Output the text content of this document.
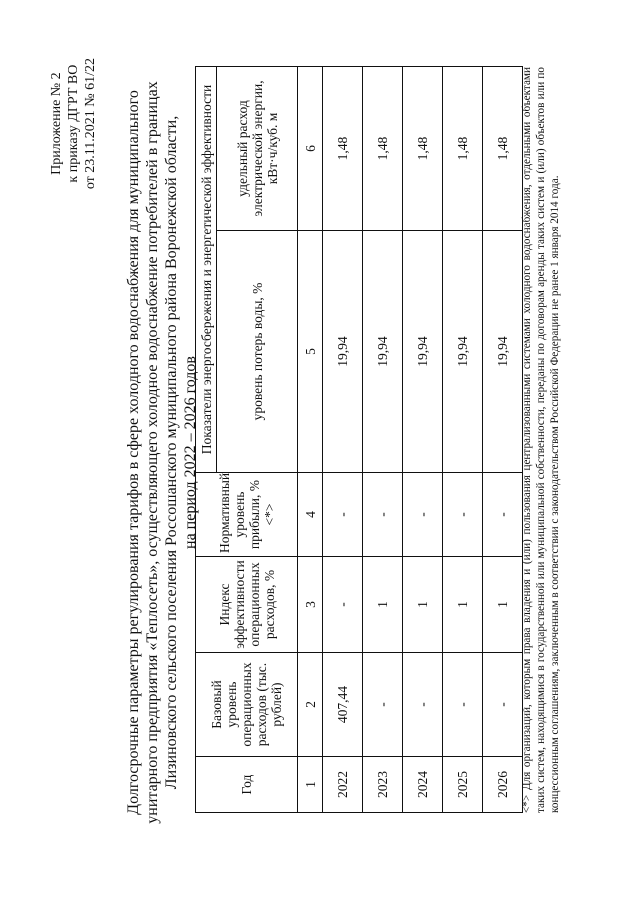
Приложение № 2 к приказу ДГРТ ВО от 23.11.2021 № 61/22 Долгосрочные параметры регулирования тарифов в сфере холодного водоснабжения для муниципального унитарного предприятия «Теплосеть», осуществляющего холодное водоснабжение потребителей в границах Лизиновского сельского поселения Россошанского муниципального района Воронежской области, на период 2022 – 2026 годов
Год	Базовый уровень операционных расходов (тыс. рублей)	Индекс эффективности операционных расходов, %	Нормативный уровень прибыли, % <*>	Показатели энергосбережения и энергетической эффективности	
				уровень потерь воды, %	удельный расход электрической энергии, кВт·ч/куб. м
1	2	3	4	5	6
2022	407,44	-	-	19,94	1,48
2023	-	1	-	19,94	1,48
2024	-	1	-	19,94	1,48
2025	-	1	-	19,94	1,48
2026	-	1	-	19,94	1,48 <*> Для организаций, которым права владения и (или) пользования централизованными системами холодного водоснабжения, отдельными объектами таких систем, находящимися в государственной или муниципальной собственности, переданы по договорам аренды таких систем и (или) объектов или по концессионным соглашениям, заключенным в соответствии с законодательством Российской Федерации не ранее 1 января 2014 года.
